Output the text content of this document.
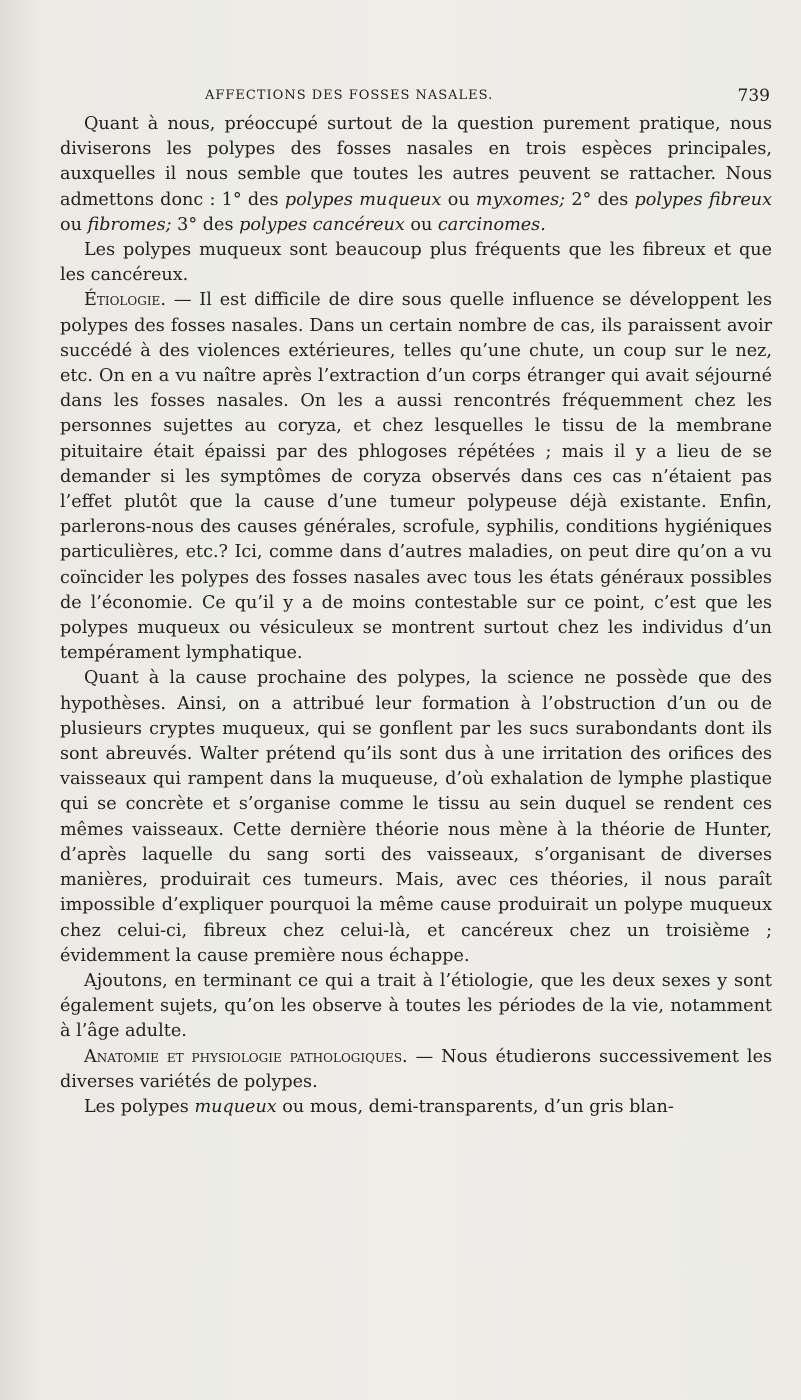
AFFECTIONS DES FOSSES NASALES.	739

Quant à nous, préoccupé surtout de la question purement pratique, nous diviserons les polypes des fosses nasales en trois espèces principales, auxquelles il nous semble que toutes les autres peuvent se rattacher. Nous admettons donc : 1° des polypes muqueux ou myxomes; 2° des polypes fibreux ou fibromes; 3° des polypes cancéreux ou carcinomes.

Les polypes muqueux sont beaucoup plus fréquents que les fibreux et que les cancéreux.

Étiologie. — Il est difficile de dire sous quelle influence se développent les polypes des fosses nasales. Dans un certain nombre de cas, ils paraissent avoir succédé à des violences extérieures, telles qu’une chute, un coup sur le nez, etc. On en a vu naître après l’extraction d’un corps étranger qui avait séjourné dans les fosses nasales. On les a aussi rencontrés fréquemment chez les personnes sujettes au coryza, et chez lesquelles le tissu de la membrane pituitaire était épaissi par des phlogoses répétées ; mais il y a lieu de se demander si les symptômes de coryza observés dans ces cas n’étaient pas l’effet plutôt que la cause d’une tumeur polypeuse déjà existante. Enfin, parlerons-nous des causes générales, scrofule, syphilis, conditions hygiéniques particulières, etc.? Ici, comme dans d’autres maladies, on peut dire qu’on a vu coïncider les polypes des fosses nasales avec tous les états généraux possibles de l’économie. Ce qu’il y a de moins contestable sur ce point, c’est que les polypes muqueux ou vésiculeux se montrent surtout chez les individus d’un tempérament lymphatique.

Quant à la cause prochaine des polypes, la science ne possède que des hypothèses. Ainsi, on a attribué leur formation à l’obstruction d’un ou de plusieurs cryptes muqueux, qui se gonflent par les sucs surabondants dont ils sont abreuvés. Walter prétend qu’ils sont dus à une irritation des orifices des vaisseaux qui rampent dans la muqueuse, d’où exhalation de lymphe plastique qui se concrète et s’organise comme le tissu au sein duquel se rendent ces mêmes vaisseaux. Cette dernière théorie nous mène à la théorie de Hunter, d’après laquelle du sang sorti des vaisseaux, s’organisant de diverses manières, produirait ces tumeurs. Mais, avec ces théories, il nous paraît impossible d’expliquer pourquoi la même cause produirait un polype muqueux chez celui-ci, fibreux chez celui-là, et cancéreux chez un troisième ; évidemment la cause première nous échappe.

Ajoutons, en terminant ce qui a trait à l’étiologie, que les deux sexes y sont également sujets, qu’on les observe à toutes les périodes de la vie, notamment à l’âge adulte.

Anatomie et physiologie pathologiques. — Nous étudierons successivement les diverses variétés de polypes.

Les polypes muqueux ou mous, demi-transparents, d’un gris blan-
